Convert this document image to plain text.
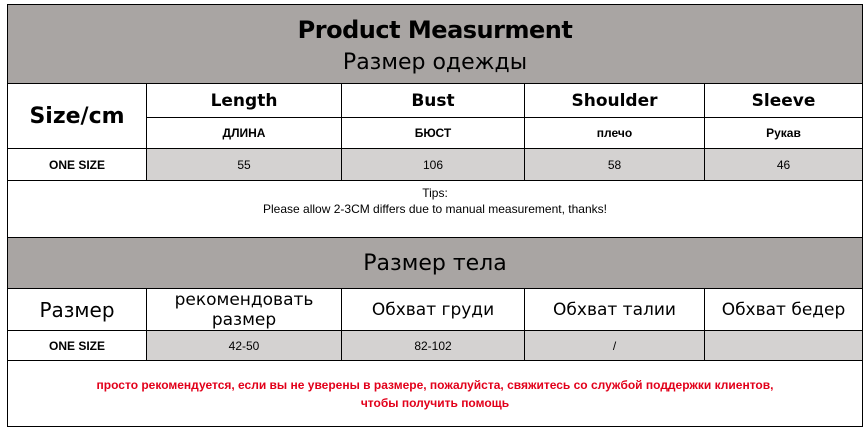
Product Measurment
Размер одежды
Size/cm
Length	Bust	Shoulder	Sleeve
ДЛИНА	БЮСТ	плечо	Рукав
ONE SIZE	55	106	58	46
Tips:
Please allow 2-3CM differs due to manual measurement, thanks!
Размер тела
Размер	рекомендовать размер	Обхват груди	Обхват талии	Обхват бедер
ONE SIZE	42-50	82-102	/
просто рекомендуется, если вы не уверены в размере, пожалуйста, свяжитесь со службой поддержки клиентов,
чтобы получить помощь
